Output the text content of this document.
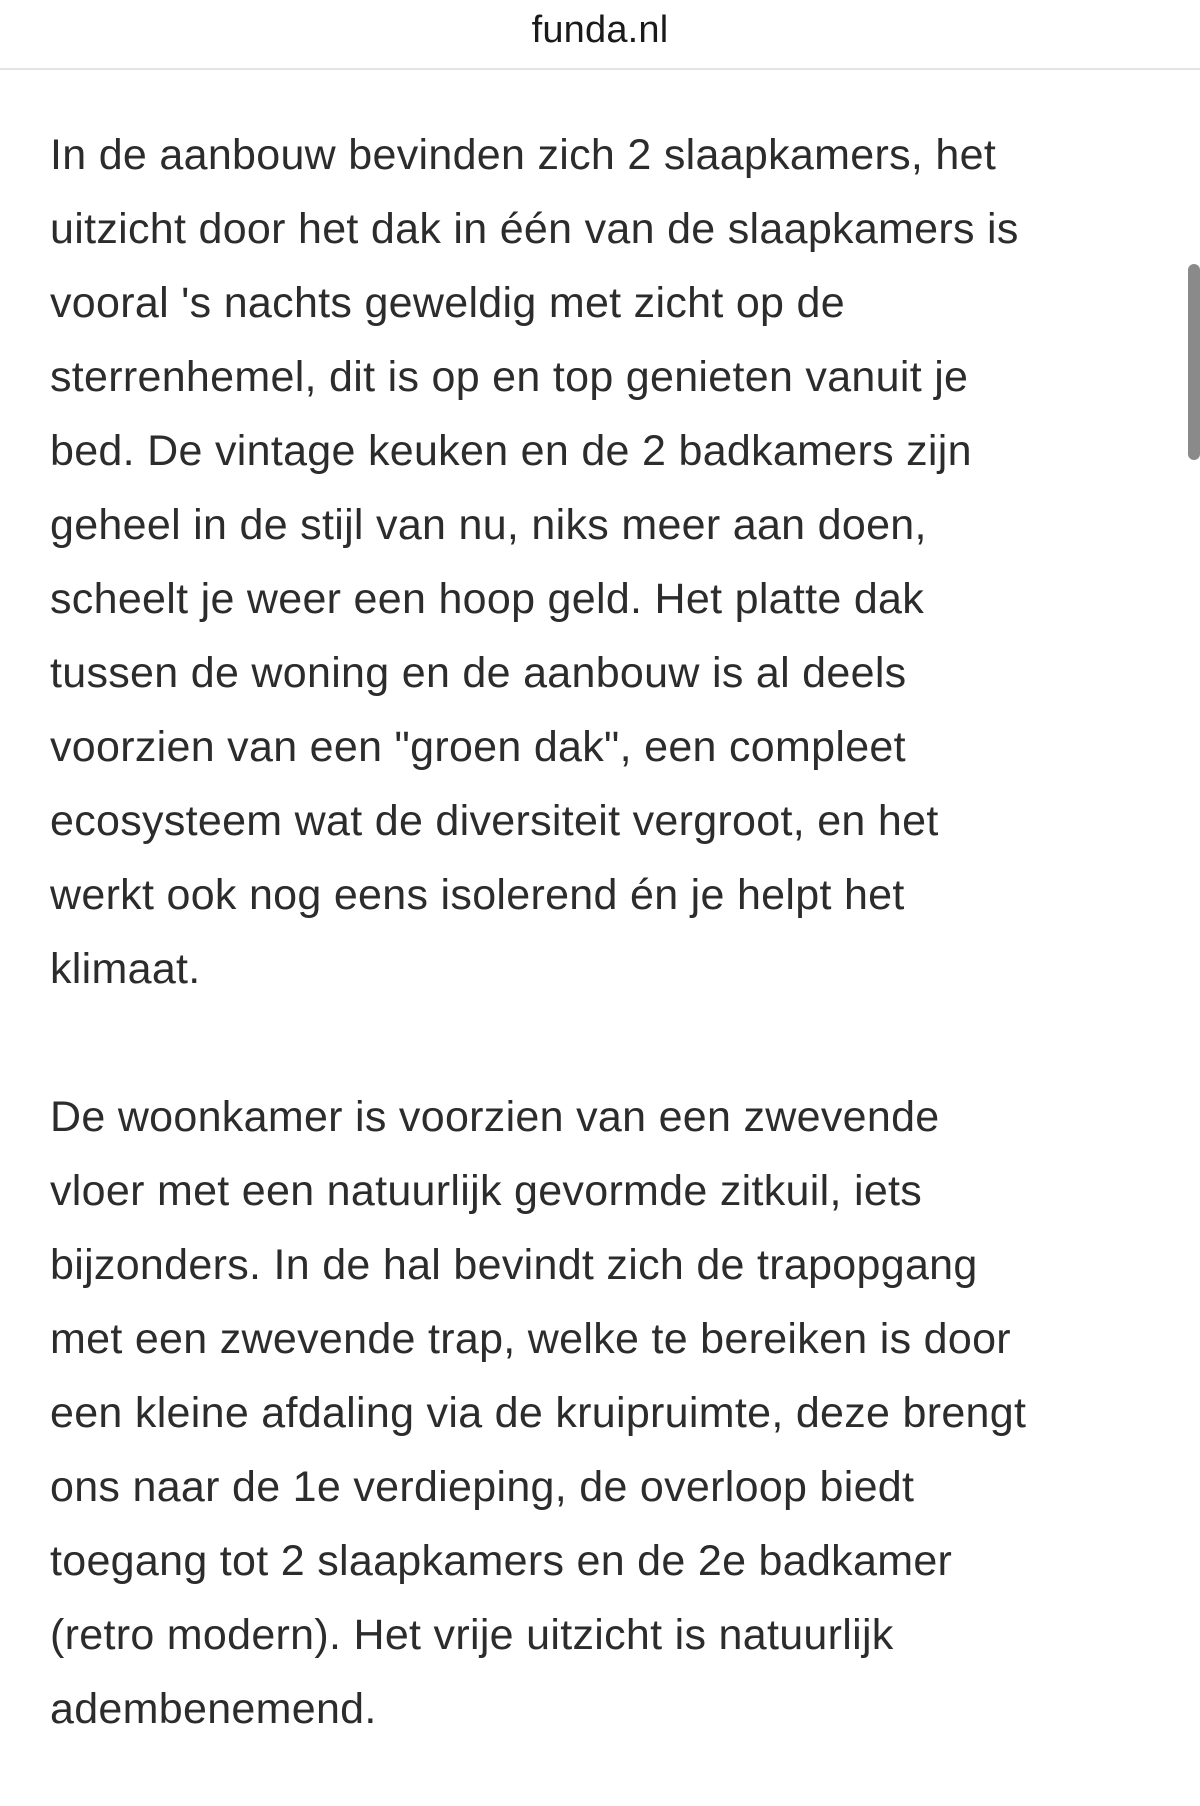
funda.nl

In de aanbouw bevinden zich 2 slaapkamers, het
uitzicht door het dak in één van de slaapkamers is
vooral 's nachts geweldig met zicht op de
sterrenhemel, dit is op en top genieten vanuit je
bed. De vintage keuken en de 2 badkamers zijn
geheel in de stijl van nu, niks meer aan doen,
scheelt je weer een hoop geld. Het platte dak
tussen de woning en de aanbouw is al deels
voorzien van een "groen dak", een compleet
ecosysteem wat de diversiteit vergroot, en het
werkt ook nog eens isolerend én je helpt het
klimaat.

De woonkamer is voorzien van een zwevende
vloer met een natuurlijk gevormde zitkuil, iets
bijzonders. In de hal bevindt zich de trapopgang
met een zwevende trap, welke te bereiken is door
een kleine afdaling via de kruipruimte, deze brengt
ons naar de 1e verdieping, de overloop biedt
toegang tot 2 slaapkamers en de 2e badkamer
(retro modern). Het vrije uitzicht is natuurlijk
adembenemend.
